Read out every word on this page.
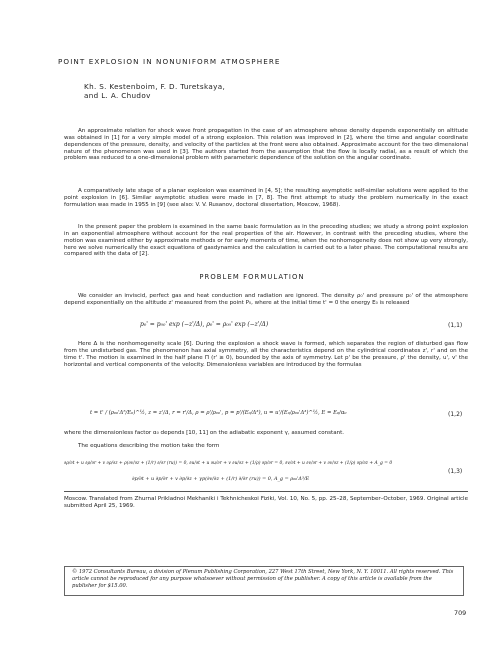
POINT EXPLOSION IN NONUNIFORM ATMOSPHERE
Kh. S. Kestenboim, F. D. Turetskaya,
and L. A. Chudov

An approximate relation for shock wave front propagation in the case of an atmosphere whose density depends exponentially on altitude was obtained in [1] for a very simple model of a strong explosion. This relation was improved in [2], where the time and angular coordinate dependences of the pressure, density, and velocity of the particles at the front were also obtained. Approximate account for the two dimensional nature of the phenomenon was used in [3]. The authors started from the assumption that the flow is locally radial, as a result of which the problem was reduced to a one-dimensional problem with parameteric dependence of the solution on the angular coordinate.

A comparatively late stage of a planar explosion was examined in [4, 5]; the resulting asymptotic self-similar solutions were applied to the point explosion in [6]. Similar asymptotic studies were made in [7, 8]. The first attempt to study the problem numerically in the exact formulation was made in 1955 in [9] (see also: V. V. Rusanov, doctoral dissertation, Moscow, 1968).

In the present paper the problem is examined in the same basic formulation as in the preceding studies; we study a strong point explosion in an exponential atmosphere without account for the real properties of the air. However, in contrast with the preceding studies, where the motion was examined either by approximate methods or for early moments of time, when the nonhomogeneity does not show up very strongly, here we solve numerically the exact equations of gasdynamics and the calculation is carried out to a later phase. The computational results are compared with the data of [2].

PROBLEM FORMULATION

We consider an inviscid, perfect gas and heat conduction and radiation are ignored. The density ρ₀' and pressure p₀' of the atmosphere depend exponentially on the altitude z' measured from the point P₀, where at the initial time t' = 0 the energy E₀ is released

p₀' = p₀₀' exp (−z'/Δ), ρ₀' = ρ₀₀' exp (−z'/Δ)	(1,1)

Here Δ is the nonhomogeneity scale [6]. During the explosion a shock wave is formed, which separates the region of disturbed gas flow from the undisturbed gas. The phenomenon has axial symmetry, all the characteristics depend on the cylindrical coordinates z', r' and on the time t'. The motion is examined in the half plane Π (r' ≥ 0), bounded by the axis of symmetry. Let p' be the pressure, ρ' the density, u', v' the horizontal and vertical components of the velocity. Dimensionless variables are introduced by the formulas

t = t' / (ρ₀₀'Δ⁵/E₀)^½, z = z'/Δ, r = r'/Δ, ρ = ρ'/ρ₀₀', p = p'/(E₀/Δ³), u = u'/(E₀/ρ₀₀'Δ³)^½, E = E₀/α₀	(1,2)

where the dimensionless factor α₀ depends [10, 11] on the adiabatic exponent γ, assumed constant.

The equations describing the motion take the form

∂ρ/∂t + u ∂ρ/∂r + v ∂ρ/∂z + ρ(∂v/∂z + (1/r) ∂/∂r (ru)) = 0, ∂u/∂t + u ∂u/∂r + v ∂u/∂z + (1/ρ) ∂p/∂r = 0, ∂v/∂t + u ∂v/∂r + v ∂v/∂z + (1/ρ) ∂p/∂z + A_g = 0
∂p/∂t + u ∂p/∂r + v ∂p/∂z + γp(∂v/∂z + (1/r) ∂/∂r (ru)) = 0, A_g = ρ₀₀'Δ³/E
(1,3)

Moscow. Translated from Zhurnal Prikladnoi Mekhaniki i Tekhnicheskoi Fiziki, Vol. 10, No. 5, pp. 25–28, September–October, 1969. Original article submitted April 25, 1969.

© 1972 Consultants Bureau, a division of Plenum Publishing Corporation, 227 West 17th Street, New York, N. Y. 10011. All rights reserved. This article cannot be reproduced for any purpose whatsoever without permission of the publisher. A copy of this article is available from the publisher for $15.00.
709
